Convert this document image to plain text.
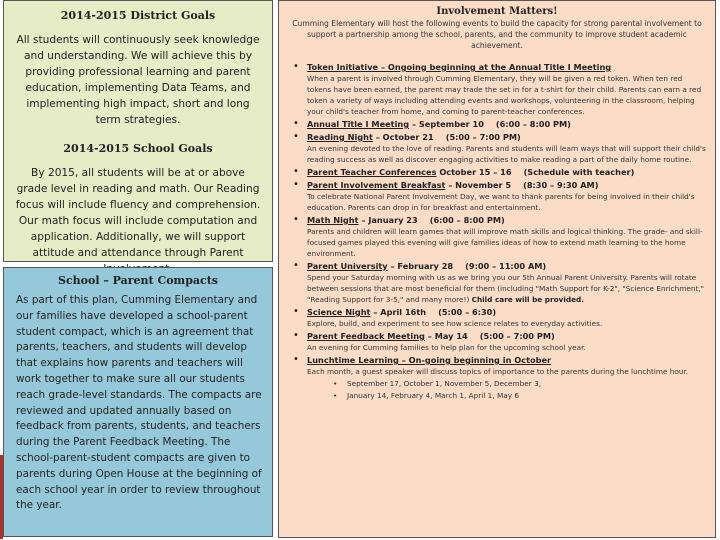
2014-2015 District Goals

All students will continuously seek knowledge and understanding. We will achieve this by providing professional learning and parent education, implementing Data Teams, and implementing high impact, short and long term strategies.

2014-2015 School Goals

By 2015, all students will be at or above grade level in reading and math. Our Reading focus will include fluency and comprehension. Our math focus will include computation and application. Additionally, we will support attitude and attendance through Parent

School – Parent Compacts

As part of this plan, Cumming Elementary and our families have developed a school-parent student compact, which is an agreement that parents, teachers, and students will develop that explains how parents and teachers will work together to make sure all our students reach grade-level standards. The compacts are reviewed and updated annually based on feedback from parents, students, and teachers during the Parent Feedback Meeting. The school-parent-student compacts are given to parents during Open House at the beginning of each school year in order to review throughout the year.

Involvement Matters!

Cumming Elementary will host the following events to build the capacity for strong parental involvement to support a partnership among the school, parents, and the community to improve student academic achievement.

• Token Initiative – Ongoing beginning at the Annual Title I Meeting
When a parent is involved through Cumming Elementary, they will be given a red token. When ten red tokens have been earned, the parent may trade the set in for a t-shirt for their child. Parents can earn a red token a variety of ways including attending events and workshops, volunteering in the classroom, helping your child's teacher from home, and coming to parent-teacher conferences.
• Annual Title I Meeting – September 10 (6:00 – 8:00 PM)
• Reading Night – October 21 (5:00 – 7:00 PM)
An evening devoted to the love of reading. Parents and students will learn ways that will support their child's reading success as well as discover engaging activities to make reading a part of the daily home routine.
• Parent Teacher Conferences October 15 – 16 (Schedule with teacher)
• Parent Involvement Breakfast – November 5 (8:30 – 9:30 AM)
To celebrate National Parent Involvement Day, we want to thank parents for being involved in their child's education. Parents can drop in for breakfast and entertainment.
• Math Night – January 23 (6:00 – 8:00 PM)
Parents and children will learn games that will improve math skills and logical thinking. The grade- and skill-focused games played this evening will give families ideas of how to extend math learning to the home environment.
• Parent University – February 28 (9:00 – 11:00 AM)
Spend your Saturday morning with us as we bring you our 5th Annual Parent University. Parents will rotate between sessions that are most beneficial for them (including "Math Support for K-2", "Science Enrichment," "Reading Support for 3-5," and many more!) Child care will be provided.
• Science Night – April 16th (5:00 – 6:30)
Explore, build, and experiment to see how science relates to everyday activities.
• Parent Feedback Meeting – May 14 (5:00 – 7:00 PM)
An evening for Cumming families to help plan for the upcoming school year.
• Lunchtime Learning – On-going beginning in October
Each month, a guest speaker will discuss topics of importance to the parents during the lunchtime hour.
• September 17, October 1, November 5, December 3,
• January 14, February 4, March 1, April 1, May 6
